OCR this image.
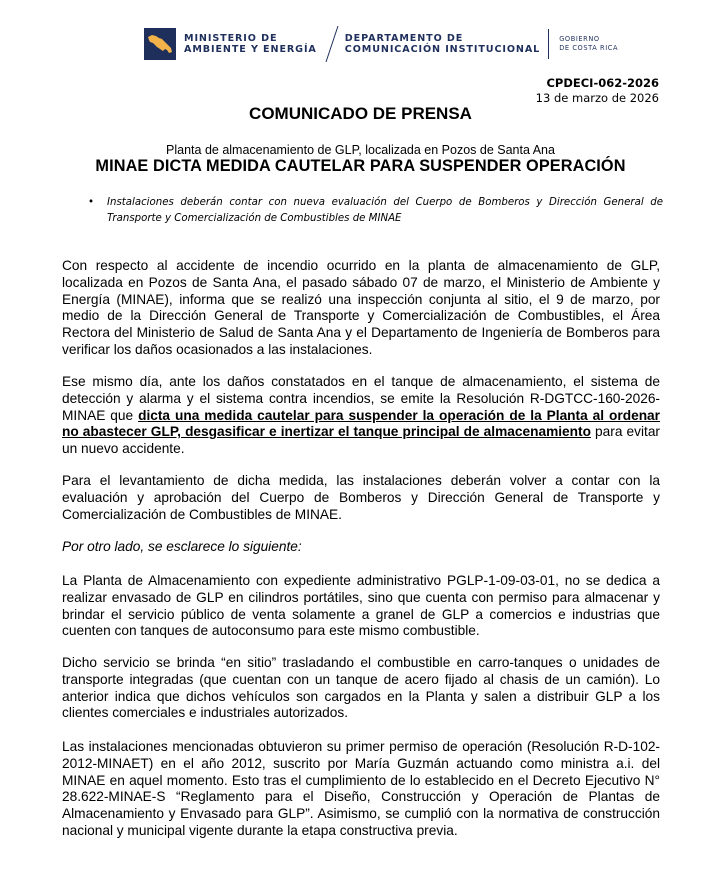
MINISTERIO DE
AMBIENTE Y ENERGÍA
DEPARTAMENTO DE
COMUNICACIÓN INSTITUCIONAL
GOBIERNO
DE COSTA RICA
CPDECI-062-2026
13 de marzo de 2026
COMUNICADO DE PRENSA
Planta de almacenamiento de GLP, localizada en Pozos de Santa Ana
MINAE DICTA MEDIDA CAUTELAR PARA SUSPENDER OPERACIÓN
• Instalaciones deberán contar con nueva evaluación del Cuerpo de Bomberos y Dirección General de Transporte y Comercialización de Combustibles de MINAE

Con respecto al accidente de incendio ocurrido en la planta de almacenamiento de GLP, localizada en Pozos de Santa Ana, el pasado sábado 07 de marzo, el Ministerio de Ambiente y Energía (MINAE), informa que se realizó una inspección conjunta al sitio, el 9 de marzo, por medio de la Dirección General de Transporte y Comercialización de Combustibles, el Área Rectora del Ministerio de Salud de Santa Ana y el Departamento de Ingeniería de Bomberos para verificar los daños ocasionados a las instalaciones.

Ese mismo día, ante los daños constatados en el tanque de almacenamiento, el sistema de detección y alarma y el sistema contra incendios, se emite la Resolución R-DGTCC-160-2026-MINAE que dicta una medida cautelar para suspender la operación de la Planta al ordenar no abastecer GLP, desgasificar e inertizar el tanque principal de almacenamiento para evitar un nuevo accidente.

Para el levantamiento de dicha medida, las instalaciones deberán volver a contar con la evaluación y aprobación del Cuerpo de Bomberos y Dirección General de Transporte y Comercialización de Combustibles de MINAE.

Por otro lado, se esclarece lo siguiente:

La Planta de Almacenamiento con expediente administrativo PGLP-1-09-03-01, no se dedica a realizar envasado de GLP en cilindros portátiles, sino que cuenta con permiso para almacenar y brindar el servicio público de venta solamente a granel de GLP a comercios e industrias que cuenten con tanques de autoconsumo para este mismo combustible.

Dicho servicio se brinda “en sitio” trasladando el combustible en carro-tanques o unidades de transporte integradas (que cuentan con un tanque de acero fijado al chasis de un camión). Lo anterior indica que dichos vehículos son cargados en la Planta y salen a distribuir GLP a los clientes comerciales e industriales autorizados.

Las instalaciones mencionadas obtuvieron su primer permiso de operación (Resolución R-D-102-2012-MINAET) en el año 2012, suscrito por María Guzmán actuando como ministra a.i. del MINAE en aquel momento. Esto tras el cumplimiento de lo establecido en el Decreto Ejecutivo N° 28.622-MINAE-S “Reglamento para el Diseño, Construcción y Operación de Plantas de Almacenamiento y Envasado para GLP”. Asimismo, se cumplió con la normativa de construcción nacional y municipal vigente durante la etapa constructiva previa.
